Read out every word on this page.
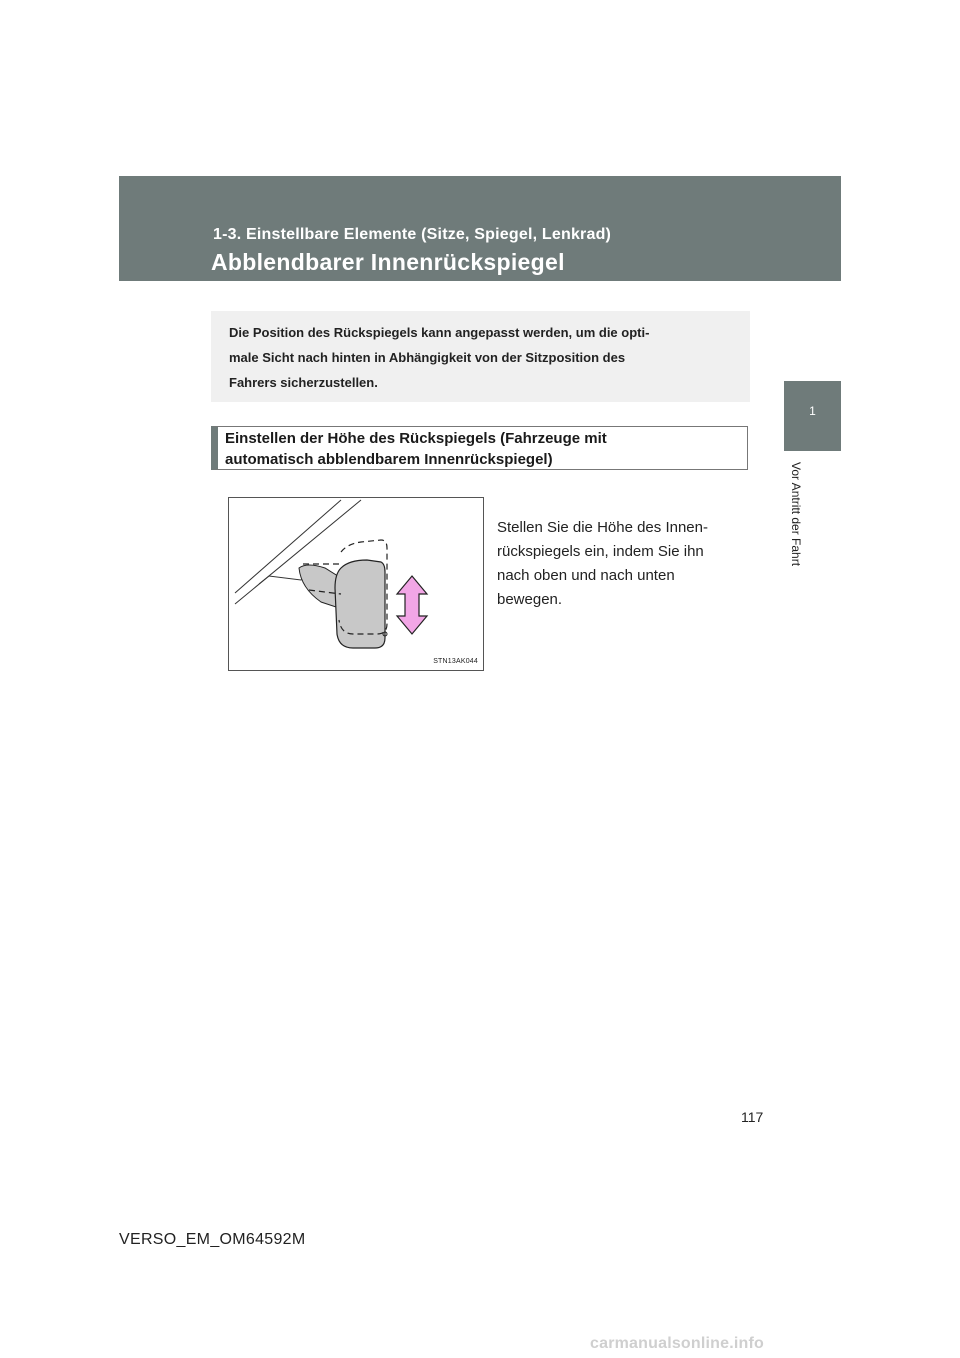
1-3. Einstellbare Elemente (Sitze, Spiegel, Lenkrad)
Abblendbarer Innenrückspiegel
1
Vor Antritt der Fahrt
Die Position des Rückspiegels kann angepasst werden, um die opti-
male Sicht nach hinten in Abhängigkeit von der Sitzposition des
Fahrers sicherzustellen.
Einstellen der Höhe des Rückspiegels (Fahrzeuge mit
automatisch abblendbarem Innenrückspiegel)
STN13AK044
Stellen Sie die Höhe des Innen-
rückspiegels ein, indem Sie ihn
nach oben und nach unten
bewegen.
117
VERSO_EM_OM64592M
carmanualsonline.info
